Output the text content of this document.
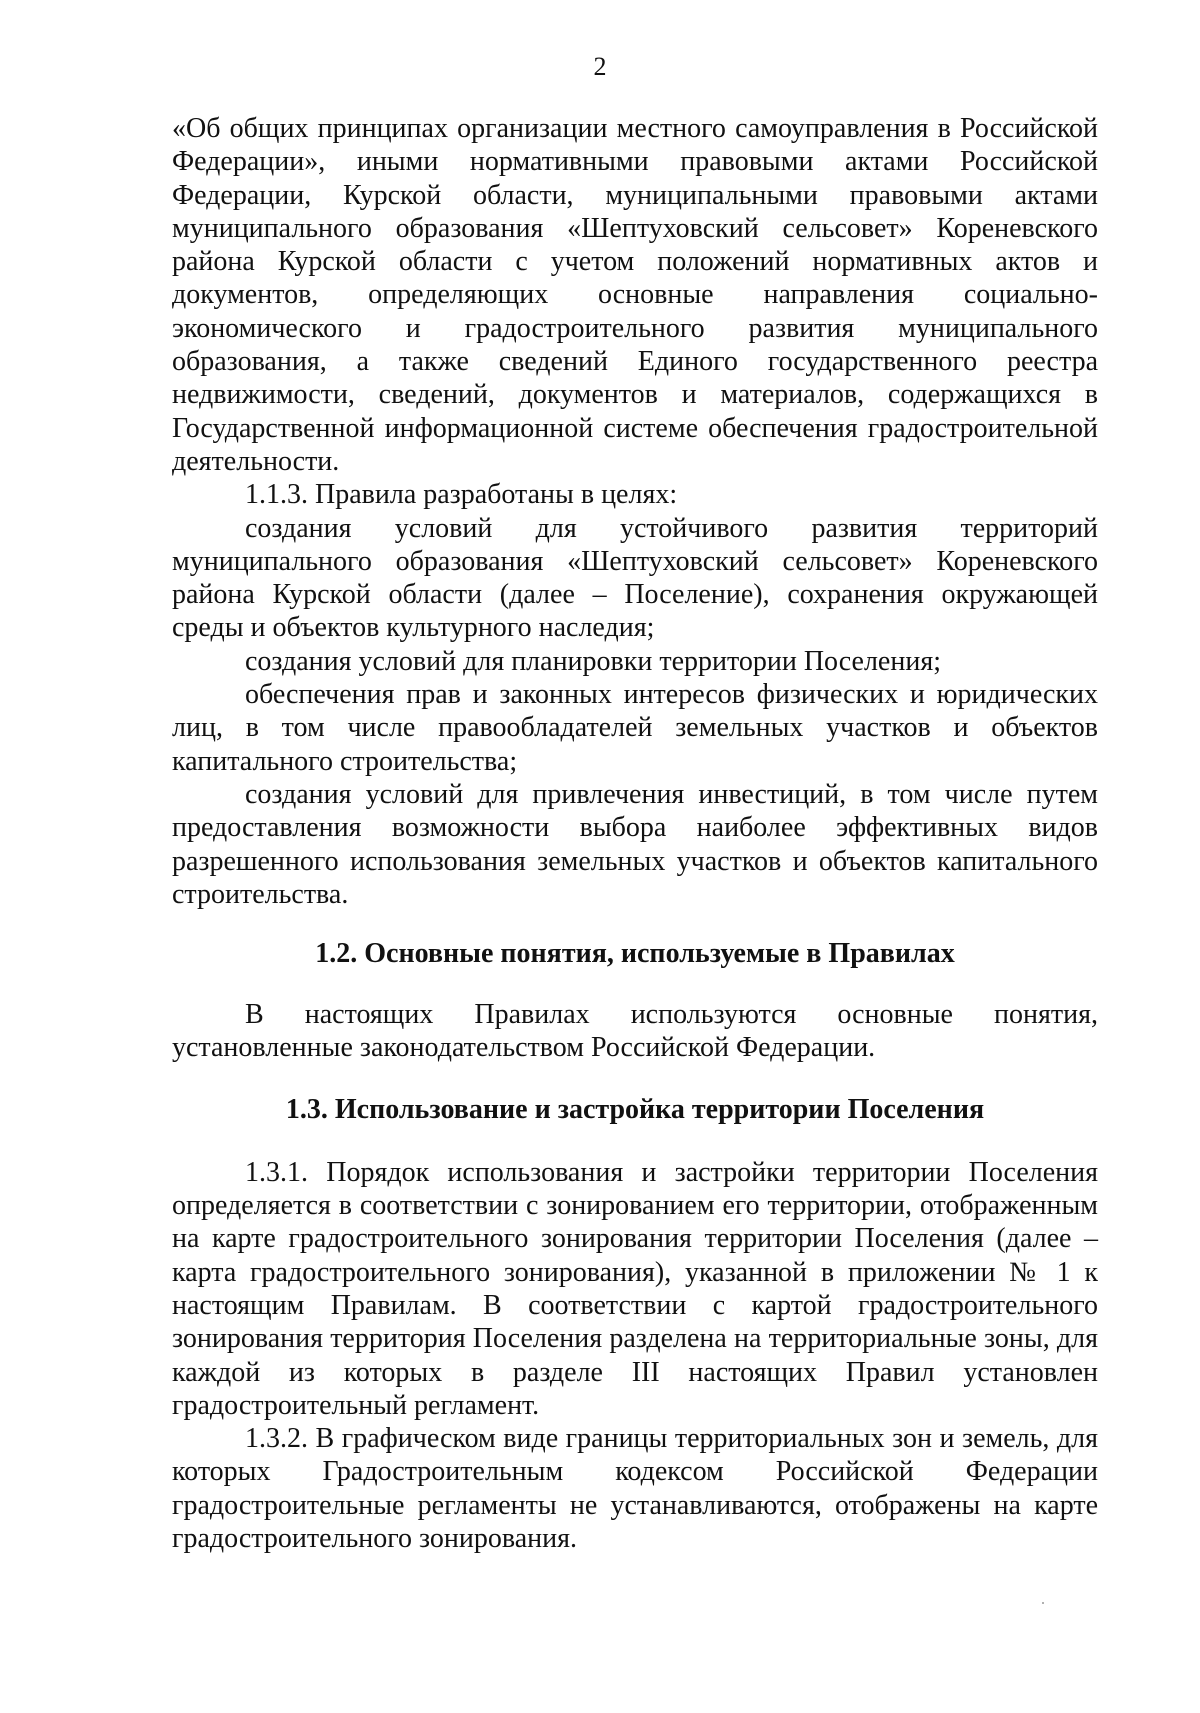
2

«Об общих принципах организации местного самоуправления в Российской Федерации», иными нормативными правовыми актами Российской Федерации, Курской области, муниципальными правовыми актами муниципального образования «Шептуховский сельсовет» Кореневского района Курской области с учетом положений нормативных актов и документов, определяющих основные направления социально-экономического и градостроительного развития муниципального образования, а также сведений Единого государственного реестра недвижимости, сведений, документов и материалов, содержащихся в Государственной информационной системе обеспечения градостроительной деятельности.

1.1.3. Правила разработаны в целях:

создания условий для устойчивого развития территорий муниципального образования «Шептуховский сельсовет» Кореневского района Курской области (далее – Поселение), сохранения окружающей среды и объектов культурного наследия;

создания условий для планировки территории Поселения;

обеспечения прав и законных интересов физических и юридических лиц, в том числе правообладателей земельных участков и объектов капитального строительства;

создания условий для привлечения инвестиций, в том числе путем предоставления возможности выбора наиболее эффективных видов разрешенного использования земельных участков и объектов капитального строительства.

1.2. Основные понятия, используемые в Правилах

В настоящих Правилах используются основные понятия, установленные законодательством Российской Федерации.

1.3. Использование и застройка территории Поселения

1.3.1. Порядок использования и застройки территории Поселения определяется в соответствии с зонированием его территории, отображенным на карте градостроительного зонирования территории Поселения (далее – карта градостроительного зонирования), указанной в приложении № 1 к настоящим Правилам. В соответствии с картой градостроительного зонирования территория Поселения разделена на территориальные зоны, для каждой из которых в разделе III настоящих Правил установлен градостроительный регламент.

1.3.2. В графическом виде границы территориальных зон и земель, для которых Градостроительным кодексом Российской Федерации градостроительные регламенты не устанавливаются, отображены на карте градостроительного зонирования.
